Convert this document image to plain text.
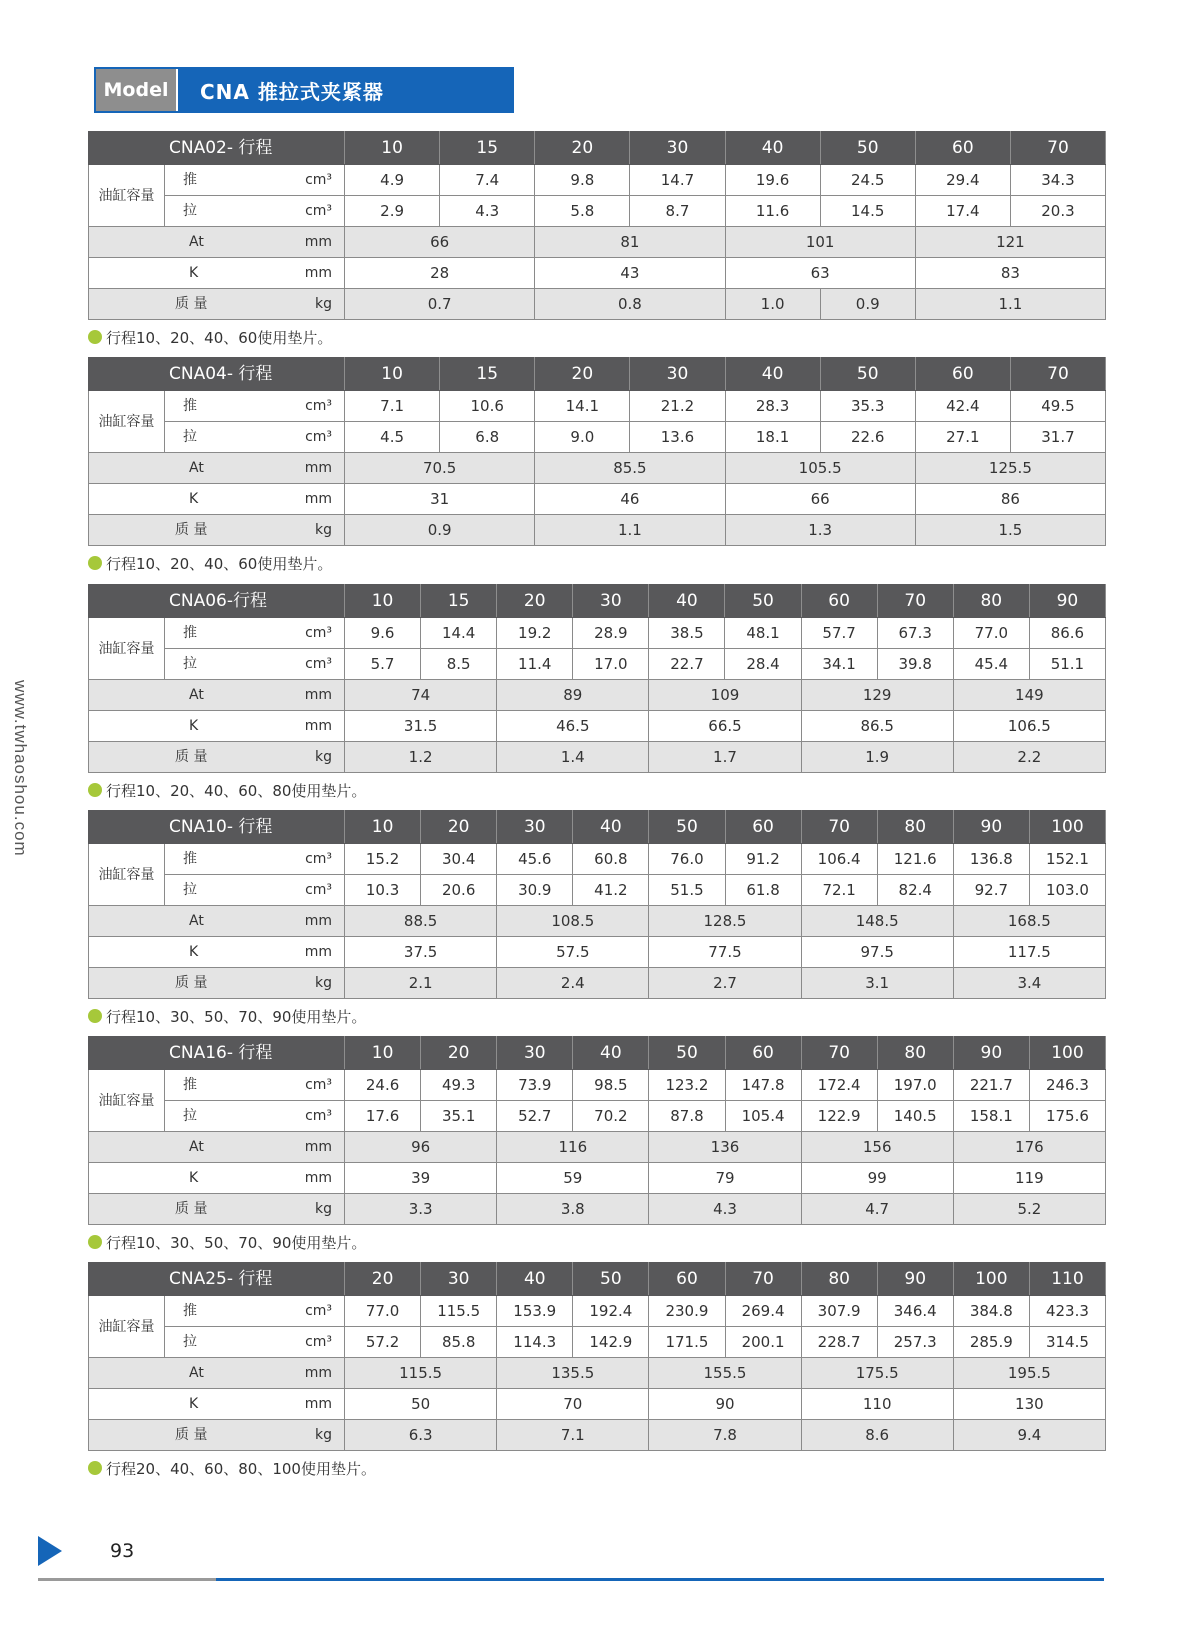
Model	CNA 推拉式夹紧器
www.twhaoshou.com
CNA02- 行程			10	15	20	30	40	50	60	70
油缸容量	推	cm³	4.9	7.4	9.8	14.7	19.6	24.5	29.4	34.3
	拉	cm³	2.9	4.3	5.8	8.7	11.6	14.5	17.4	20.3
At		mm	66		81		101		121	
K		mm	28		43		63		83	
质 量		kg	0.7		0.8		1.0	0.9	1.1	
行程10、20、40、60使用垫片。
CNA04- 行程			10	15	20	30	40	50	60	70
油缸容量	推	cm³	7.1	10.6	14.1	21.2	28.3	35.3	42.4	49.5
	拉	cm³	4.5	6.8	9.0	13.6	18.1	22.6	27.1	31.7
At		mm	70.5		85.5		105.5		125.5	
K		mm	31		46		66		86	
质 量		kg	0.9		1.1		1.3		1.5	
行程10、20、40、60使用垫片。
CNA06-行程			10	15	20	30	40	50	60	70	80	90
油缸容量	推	cm³	9.6	14.4	19.2	28.9	38.5	48.1	57.7	67.3	77.0	86.6
	拉	cm³	5.7	8.5	11.4	17.0	22.7	28.4	34.1	39.8	45.4	51.1
At		mm	74		89		109		129		149	
K		mm	31.5		46.5		66.5		86.5		106.5	
质 量		kg	1.2		1.4		1.7		1.9		2.2	
行程10、20、40、60、80使用垫片。
CNA10- 行程			10	20	30	40	50	60	70	80	90	100
油缸容量	推	cm³	15.2	30.4	45.6	60.8	76.0	91.2	106.4	121.6	136.8	152.1
	拉	cm³	10.3	20.6	30.9	41.2	51.5	61.8	72.1	82.4	92.7	103.0
At		mm	88.5		108.5		128.5		148.5		168.5	
K		mm	37.5		57.5		77.5		97.5		117.5	
质 量		kg	2.1		2.4		2.7		3.1		3.4	
行程10、30、50、70、90使用垫片。
CNA16- 行程			10	20	30	40	50	60	70	80	90	100
油缸容量	推	cm³	24.6	49.3	73.9	98.5	123.2	147.8	172.4	197.0	221.7	246.3
	拉	cm³	17.6	35.1	52.7	70.2	87.8	105.4	122.9	140.5	158.1	175.6
At		mm	96		116		136		156		176	
K		mm	39		59		79		99		119	
质 量		kg	3.3		3.8		4.3		4.7		5.2	
行程10、30、50、70、90使用垫片。
CNA25- 行程			20	30	40	50	60	70	80	90	100	110
油缸容量	推	cm³	77.0	115.5	153.9	192.4	230.9	269.4	307.9	346.4	384.8	423.3
	拉	cm³	57.2	85.8	114.3	142.9	171.5	200.1	228.7	257.3	285.9	314.5
At		mm	115.5		135.5		155.5		175.5		195.5	
K		mm	50		70		90		110		130	
质 量		kg	6.3		7.1		7.8		8.6		9.4	
行程20、40、60、80、100使用垫片。
93
